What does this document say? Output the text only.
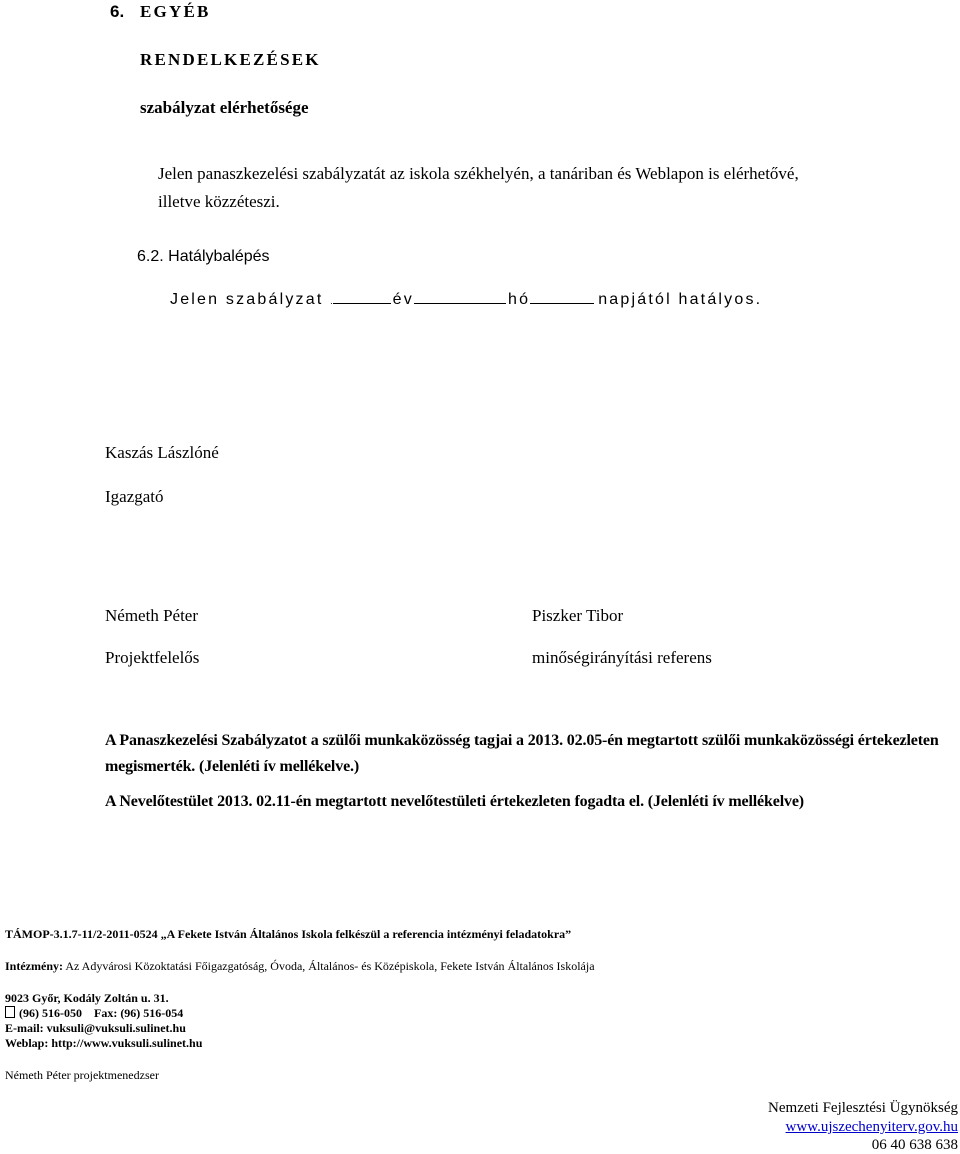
6. EGYÉB
RENDELKEZÉSEK
szabályzat elérhetősége
Jelen panaszkezelési szabályzatát az iskola székhelyén, a tanáriban és Weblapon is elérhetővé, illetve közzéteszi.
6.2. Hatálybalépés
Jelen szabályzat .	év	hó	napjától hatályos.
Kaszás Lászlóné
Igazgató
Németh Péter
Projektfelelős
Piszker Tibor
minőségirányítási referens
A Panaszkezelési Szabályzatot a szülői munkaközösség tagjai a 2013. 02.05-én megtartott szülői munkaközösségi értekezleten megismerték. (Jelenléti ív mellékelve.)
A Nevelőtestület 2013. 02.11-én megtartott nevelőtestületi értekezleten fogadta el. (Jelenléti ív mellékelve)
TÁMOP-3.1.7-11/2-2011-0524 „A Fekete István Általános Iskola felkészül a referencia intézményi feladatokra”
Intézmény: Az Adyvárosi Közoktatási Főigazgatóság, Óvoda, Általános- és Középiskola, Fekete István Általános Iskolája
9023 Győr, Kodály Zoltán u. 31.
(96) 516-050    Fax: (96) 516-054
E-mail: vuksuli@vuksuli.sulinet.hu
Weblap: http://www.vuksuli.sulinet.hu
Németh Péter projektmenedzser
Nemzeti Fejlesztési Ügynökség
www.ujszechenyiterv.gov.hu
06 40 638 638
